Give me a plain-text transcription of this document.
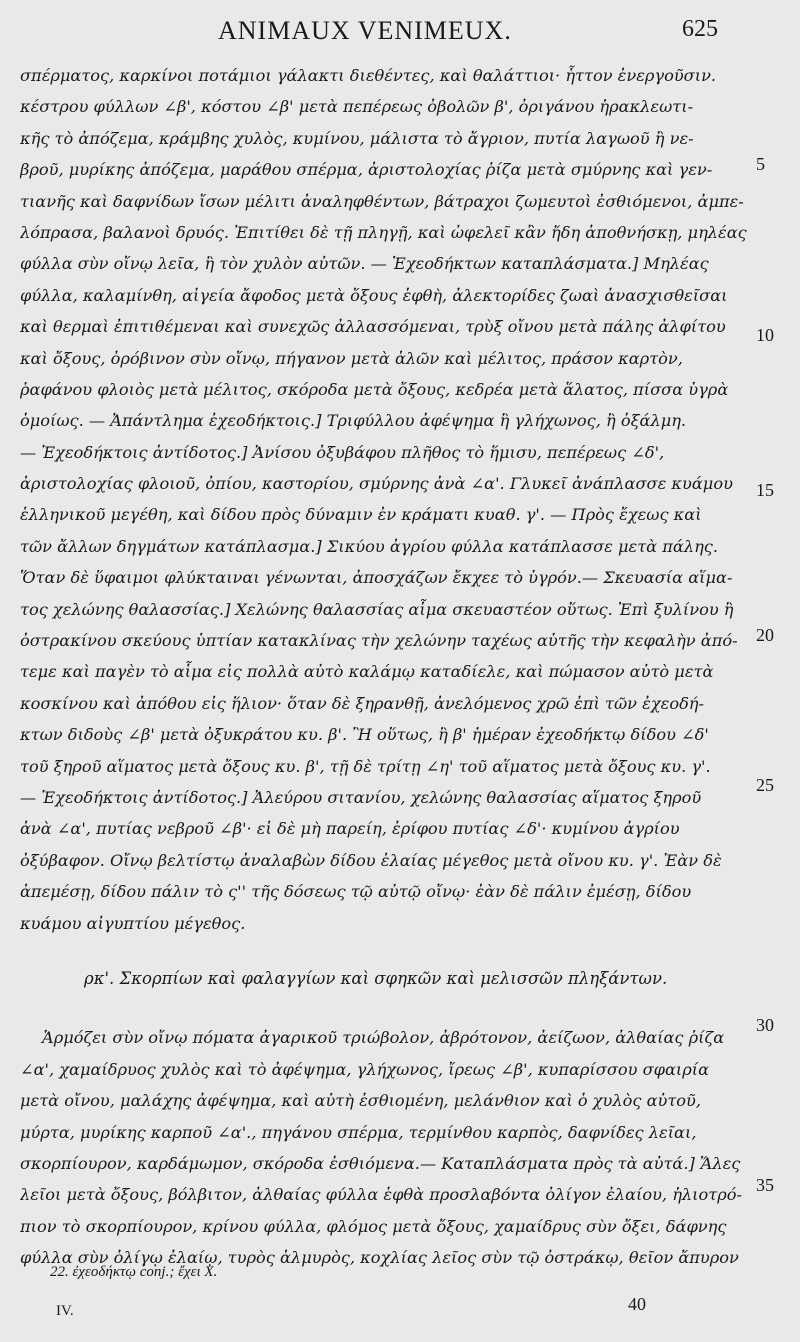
ANIMAUX VENIMEUX.	625
σπέρματος, καρκίνοι ποτάμιοι γάλακτι διεθέντες, καὶ θαλάττιοι· ἧττον ἐνεργοῦσιν.
κέστρου φύλλων ∠β', κόστου ∠β' μετὰ πεπέρεως ὀβολῶν β', ὀριγάνου ἡρακλεωτι-
κῆς τὸ ἀπόζεμα, κράμβης χυλὸς, κυμίνου, μάλιστα τὸ ἄγριον, πυτία λαγωοῦ ἢ νε-
βροῦ, μυρίκης ἀπόζεμα, μαράθου σπέρμα, ἀριστολοχίας ῥίζα μετὰ σμύρνης καὶ γεν-
τιανῆς καὶ δαφνίδων ἴσων μέλιτι ἀναληφθέντων, βάτραχοι ζωμευτοὶ ἐσθιόμενοι, ἀμπε-
λόπρασα, βαλανοὶ δρυός. Ἐπιτίθει δὲ τῇ πληγῇ, καὶ ὠφελεῖ κἂν ἤδη ἀποθνήσκῃ, μηλέας
φύλλα σὺν οἴνῳ λεῖα, ἢ τὸν χυλὸν αὐτῶν. — Ἐχεοδήκτων καταπλάσματα.] Μηλέας
φύλλα, καλαμίνθη, αἰγεία ἄφοδος μετὰ ὄξους ἑφθὴ, ἀλεκτορίδες ζωαὶ ἀνασχισθεῖσαι
καὶ θερμαὶ ἐπιτιθέμεναι καὶ συνεχῶς ἀλλασσόμεναι, τρὺξ οἴνου μετὰ πάλης ἀλφίτου
καὶ ὄξους, ὀρόβινον σὺν οἴνῳ, πήγανον μετὰ ἁλῶν καὶ μέλιτος, πράσον καρτὸν,
ῥαφάνου φλοιὸς μετὰ μέλιτος, σκόροδα μετὰ ὄξους, κεδρέα μετὰ ἅλατος, πίσσα ὑγρὰ
ὁμοίως. — Ἀπάντλημα ἐχεοδήκτοις.] Τριφύλλου ἀφέψημα ἢ γλήχωνος, ἢ ὀξάλμη.
— Ἐχεοδήκτοις ἀντίδοτος.] Ἀνίσου ὀξυβάφου πλῆθος τὸ ἥμισυ, πεπέρεως ∠δ',
ἀριστολοχίας φλοιοῦ, ὀπίου, καστορίου, σμύρνης ἀνὰ ∠α'. Γλυκεῖ ἀνάπλασσε κυάμου
ἑλληνικοῦ μεγέθη, καὶ δίδου πρὸς δύναμιν ἐν κράματι κυαθ. γ'. — Πρὸς ἔχεως καὶ
τῶν ἄλλων δηγμάτων κατάπλασμα.] Σικύου ἀγρίου φύλλα κατάπλασσε μετὰ πάλης.
Ὅταν δὲ ὕφαιμοι φλύκταιναι γένωνται, ἀποσχάζων ἔκχεε τὸ ὑγρόν.— Σκευασία αἵμα-
τος χελώνης θαλασσίας.] Χελώνης θαλασσίας αἷμα σκευαστέον οὕτως. Ἐπὶ ξυλίνου ἢ
ὀστρακίνου σκεύους ὑπτίαν κατακλίνας τὴν χελώνην ταχέως αὐτῆς τὴν κεφαλὴν ἀπό-
τεμε καὶ παγὲν τὸ αἷμα εἰς πολλὰ αὐτὸ καλάμῳ καταδίελε, καὶ πώμασον αὐτὸ μετὰ
κοσκίνου καὶ ἀπόθου εἰς ἥλιον· ὅταν δὲ ξηρανθῇ, ἀνελόμενος χρῶ ἐπὶ τῶν ἐχεοδή-
κτων διδοὺς ∠β' μετὰ ὀξυκράτου κυ. β'. Ἢ οὕτως, ἢ β' ἡμέραν ἐχεοδήκτῳ δίδου ∠δ'
τοῦ ξηροῦ αἵματος μετὰ ὄξους κυ. β', τῇ δὲ τρίτῃ ∠η' τοῦ αἵματος μετὰ ὄξους κυ. γ'.
— Ἐχεοδήκτοις ἀντίδοτος.] Ἀλεύρου σιτανίου, χελώνης θαλασσίας αἵματος ξηροῦ
ἀνὰ ∠α', πυτίας νεβροῦ ∠β'· εἰ δὲ μὴ παρείη, ἐρίφου πυτίας ∠δ'· κυμίνου ἀγρίου
ὀξύβαφον. Οἴνῳ βελτίστῳ ἀναλαβὼν δίδου ἐλαίας μέγεθος μετὰ οἴνου κυ. γ'. Ἐὰν δὲ
ἀπεμέσῃ, δίδου πάλιν τὸ ς'' τῆς δόσεως τῷ αὐτῷ οἴνῳ· ἐὰν δὲ πάλιν ἐμέσῃ, δίδου
κυάμου αἰγυπτίου μέγεθος.
ρκ'. Σκορπίων καὶ φαλαγγίων καὶ σφηκῶν καὶ μελισσῶν πληξάντων.
Ἁρμόζει σὺν οἴνῳ πόματα ἀγαρικοῦ τριώβολον, ἀβρότονον, ἀείζωον, ἀλθαίας ῥίζα
∠α', χαμαίδρυος χυλὸς καὶ τὸ ἀφέψημα, γλήχωνος, ἴρεως ∠β', κυπαρίσσου σφαιρία
μετὰ οἴνου, μαλάχης ἀφέψημα, καὶ αὐτὴ ἐσθιομένη, μελάνθιον καὶ ὁ χυλὸς αὐτοῦ,
μύρτα, μυρίκης καρποῦ ∠α'., πηγάνου σπέρμα, τερμίνθου καρπὸς, δαφνίδες λεῖαι,
σκορπίουρον, καρδάμωμον, σκόροδα ἐσθιόμενα.— Καταπλάσματα πρὸς τὰ αὐτά.] Ἅλες
λεῖοι μετὰ ὄξους, βόλβιτον, ἀλθαίας φύλλα ἑφθὰ προσλαβόντα ὀλίγον ἐλαίου, ἡλιοτρό-
πιον τὸ σκορπίουρον, κρίνου φύλλα, φλόμος μετὰ ὄξους, χαμαίδρυς σὺν ὄξει, δάφνης
φύλλα σὺν ὀλίγῳ ἐλαίῳ, τυρὸς ἁλμυρὸς, κοχλίας λεῖος σὺν τῷ ὀστράκῳ, θεῖον ἄπυρον
5
10
15
20
25
30
35
22. ἐχεοδήκτῳ conj.; ἔχει X.
IV.	40
